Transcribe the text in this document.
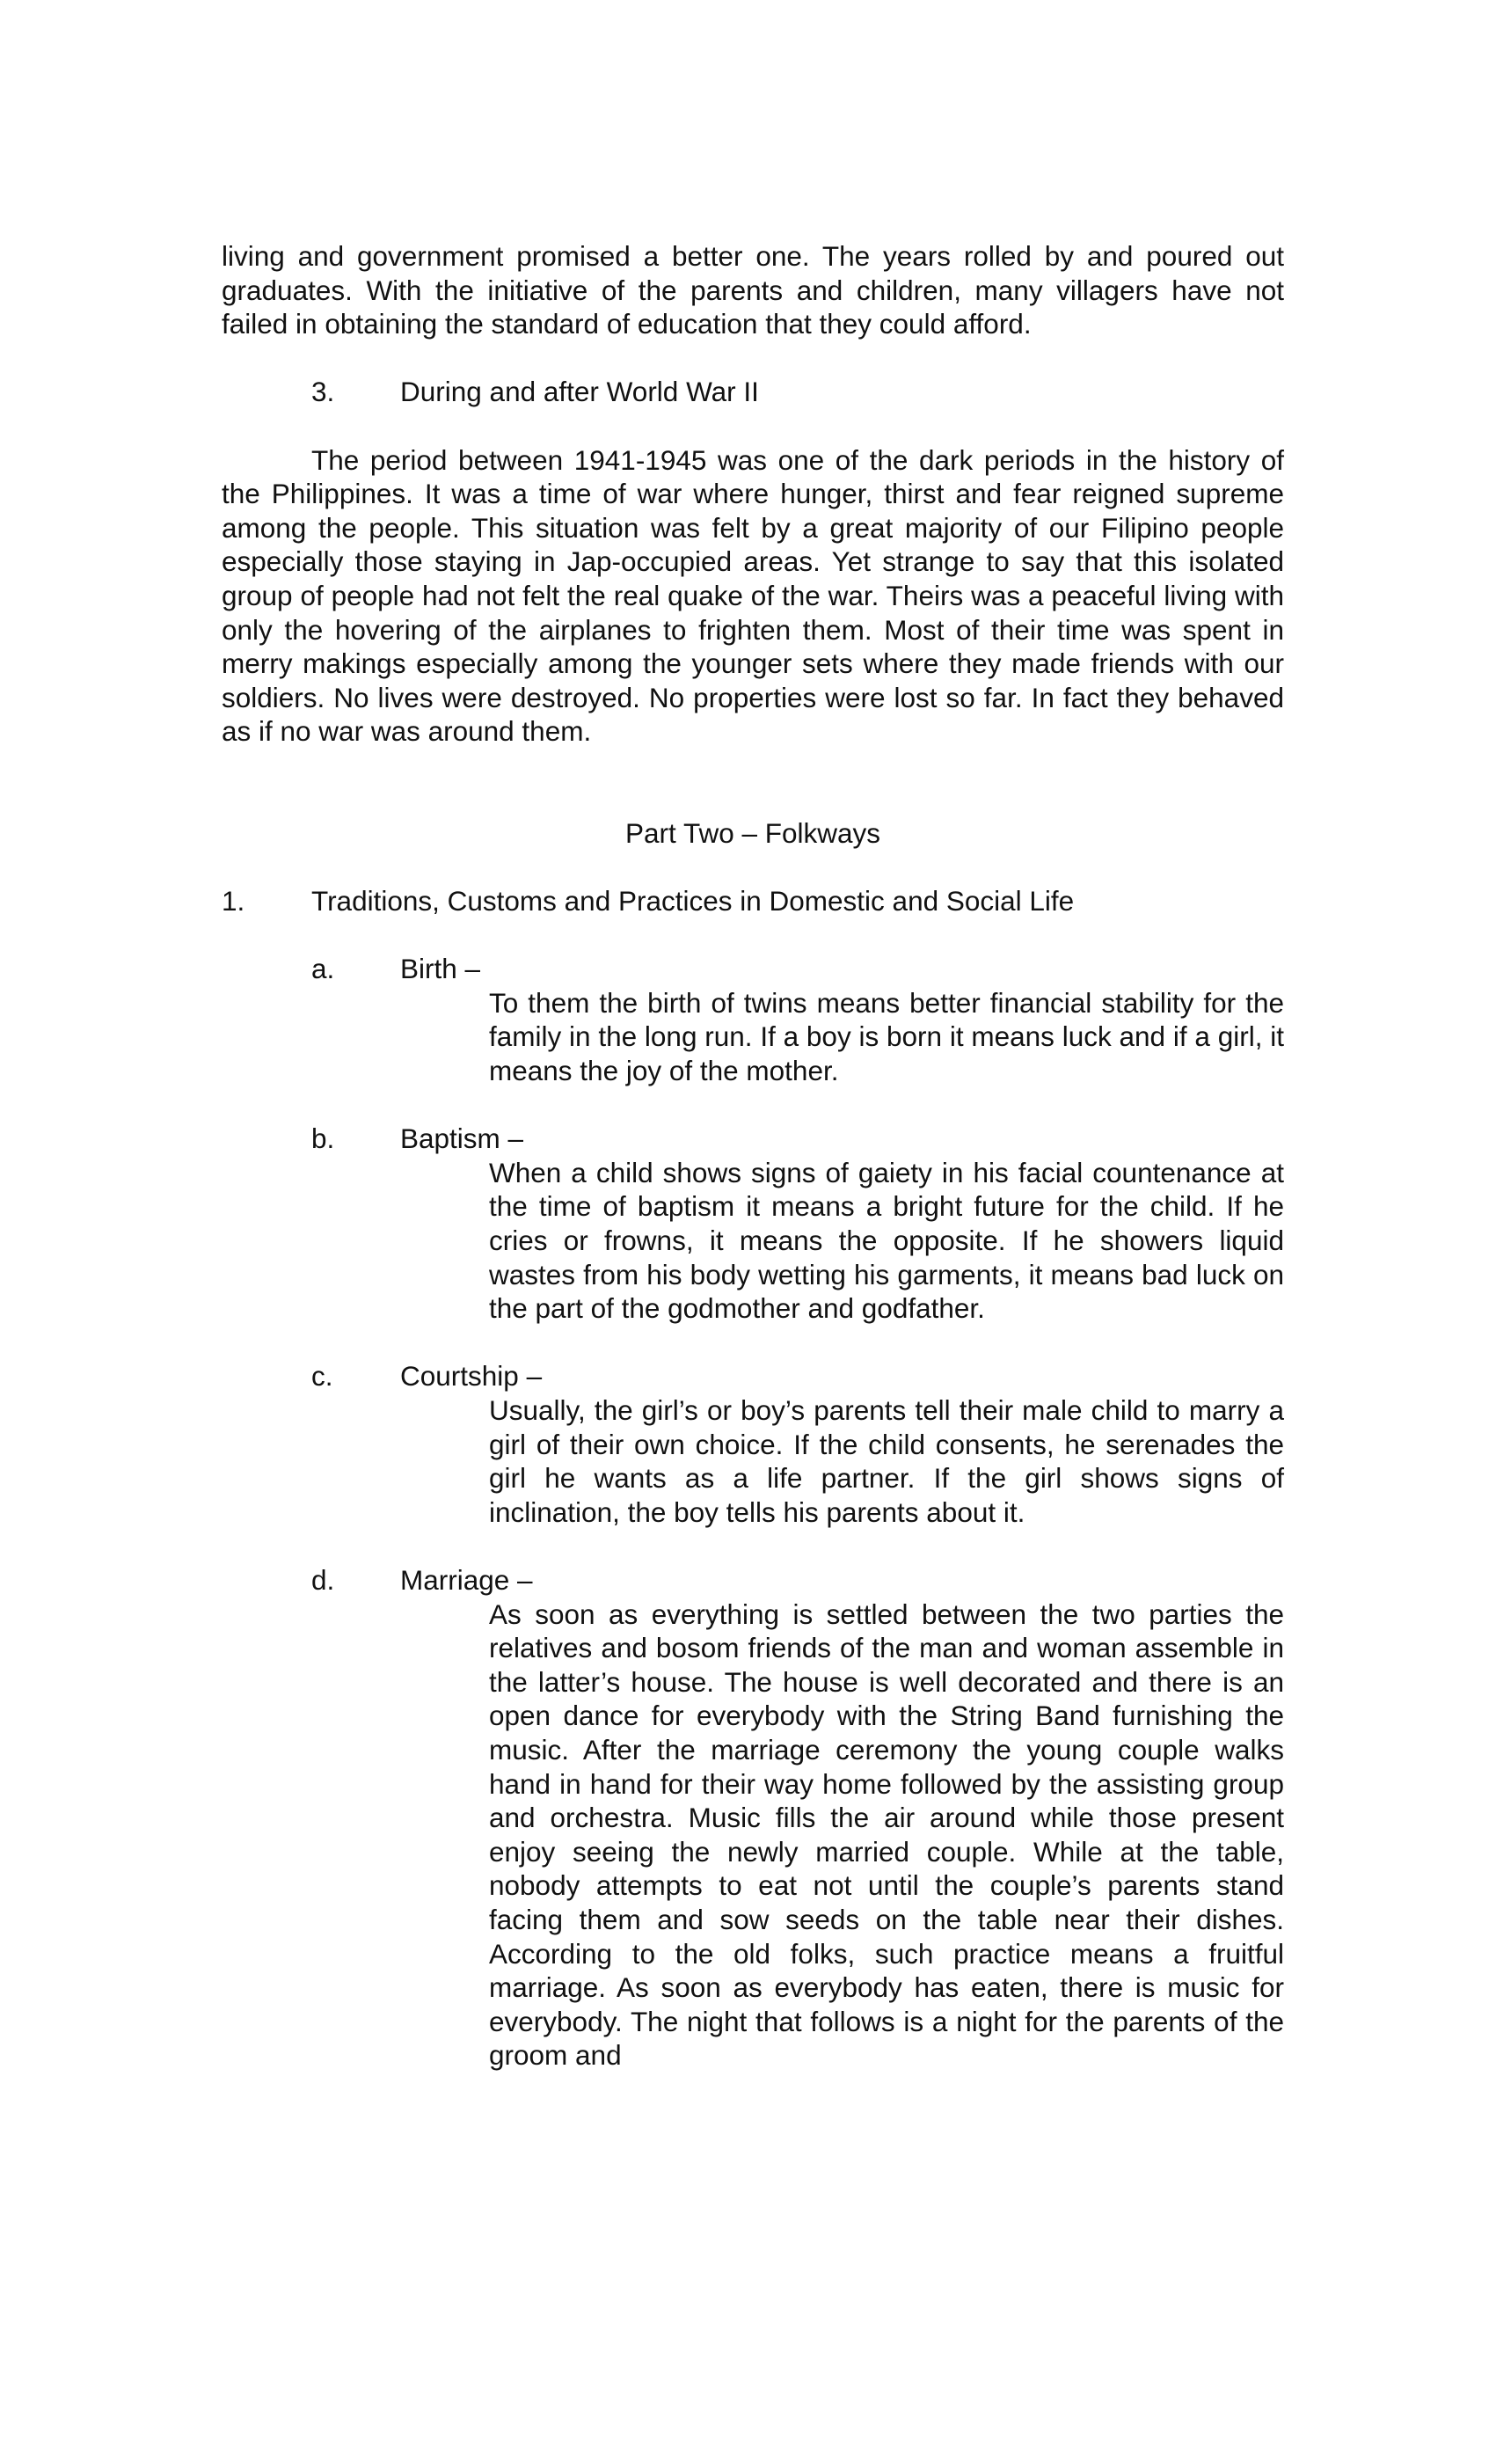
living and government promised a better one. The years rolled by and poured out graduates. With the initiative of the parents and children, many villagers have not failed in obtaining the standard of education that they could afford.

3. During and after World War II

The period between 1941-1945 was one of the dark periods in the history of the Philippines. It was a time of war where hunger, thirst and fear reigned supreme among the people. This situation was felt by a great majority of our Filipino people especially those staying in Jap-occupied areas. Yet strange to say that this isolated group of people had not felt the real quake of the war. Theirs was a peaceful living with only the hovering of the airplanes to frighten them. Most of their time was spent in merry makings especially among the younger sets where they made friends with our soldiers. No lives were destroyed. No properties were lost so far. In fact they behaved as if no war was around them.

Part Two – Folkways

1. Traditions, Customs and Practices in Domestic and Social Life
a. Birth –

To them the birth of twins means better financial stability for the family in the long run. If a boy is born it means luck and if a girl, it means the joy of the mother.

b. Baptism –

When a child shows signs of gaiety in his facial countenance at the time of baptism it means a bright future for the child. If he cries or frowns, it means the opposite. If he showers liquid wastes from his body wetting his garments, it means bad luck on the part of the godmother and godfather.

c. Courtship –

Usually, the girl’s or boy’s parents tell their male child to marry a girl of their own choice. If the child consents, he serenades the girl he wants as a life partner. If the girl shows signs of inclination, the boy tells his parents about it.

d. Marriage –

As soon as everything is settled between the two parties the relatives and bosom friends of the man and woman assemble in the latter’s house. The house is well decorated and there is an open dance for everybody with the String Band furnishing the music. After the marriage ceremony the young couple walks hand in hand for their way home followed by the assisting group and orchestra. Music fills the air around while those present enjoy seeing the newly married couple. While at the table, nobody attempts to eat not until the couple’s parents stand facing them and sow seeds on the table near their dishes. According to the old folks, such practice means a fruitful marriage. As soon as everybody has eaten, there is music for everybody. The night that follows is a night for the parents of the groom and
